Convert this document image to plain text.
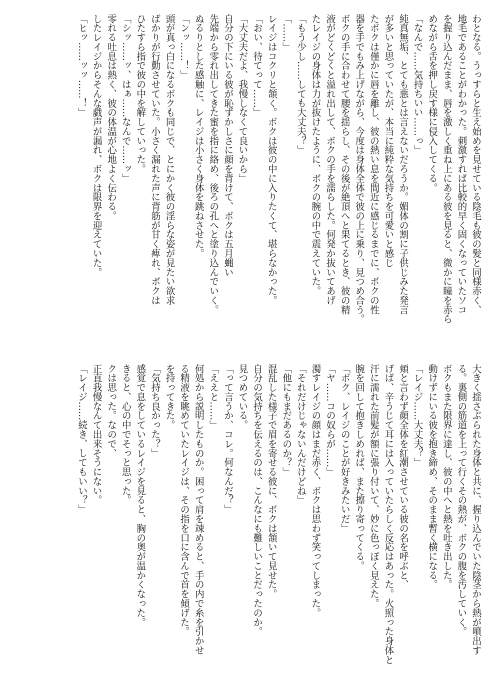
わとなる。うっすらと生え始めを見せている陰毛も彼の髪と同様赤く、
地毛であることがわかった。刺激すれば比較的早く固くなっていたソコ
を握り込んだまま、唇を激しく重ね上にある彼を見ると、微かに瞳を赤ら
めながら舌を押し戻す様に侵入してくる。
「なんで……気持ちいい……っ」
純真無垢、とても悪とは言えないだろうか。媚体の割に子供じみた発言
が多いと思っていたが、本当に純粋な気持ちを可愛いと感じ
たボクは僅かに唇を離し、彼の熱い息を間近に感じるまでに、ボクの性
器を手でもみ上げながら、今度は身体全体で彼の上に乗り、見つめ合う。
ボクの手に合わせて腰を揺らし、その後が絶頂へと果てるとき、彼の精
液がどくどくと溢れ出して、ボクの手を濡らした。何発か抜いてあげ
たレイジの身体は力が抜けたように、ボクの腕の中で震えていた。
「もう少し……しても大丈夫？」
「……」
レイジはコクリと頷く。ボクは彼の中に入りたくて、堪らなかった。
「おい、待てって……」
「大丈夫だよ、我慢しなくて良いから」
自分の下にいる彼が恥ずかしさに顔を背けて、ボクは五月蝿い
先端から零れ出してきた蜜を指に絡め、後ろの孔へと塗り込んでいく。
ぬるりとした感触に、レイジは小さく身体を跳ねさせた。
「ンッ……！」
頭が真っ白になるボクも同じで、とにかく彼の淫らな姿が見たい欲求
ばかりが行動させていた。小さく漏れた声に背筋が甘く痺れ、ボクは
ひたすら指で彼の中を解していった。
「シッ……ッ、はぁ……なんで……ッ」
零れる吐息は熱く、彼の体温が心地よく伝わる。
したレイジからそんな戯声が漏れ、ボクは限界を迎えていた。
「ヒッ……ッッ……！」
大きく揺さぶられた身体と共に、握り込んでいた陰茎から熱が噴出す
る。裏側の筋道を上って行くその熱が、ボクの腹を汚していく。
ボクもまた限界に達し、彼の中へと熱を吐き出した。
動けずにいる彼を抱き締め、そのまま暫く横になる。
「レイジ……大丈夫？」
頬と言わず顔全体を紅潮させている彼の名を呼ぶと、
げば、辛うじて耳には入っていたらしく反応はあった。火照った身体と
汗に濡れた前髪が額に張り付いて、妙に色っぽく見えた。
腕を回して抱きしめれば、また擦り寄ってくる。
「ボク、レイジのことが好きみたいだ」
「ヤ……コの奴らが……」
濁すレイジの顔はまだ赤く、ボクは思わず笑ってしまった。
「それだけじゃないんだけどね」
「他にもまだあるのか？」
混乱した様子で眉を寄せる彼に、ボクは頷いて見せた。
自分の気持ちを伝えるのは、こんなにも難しいことだったのか。
見つめている。
「って言うか、コレ。何なんだ？」
「ええと……」
何処から説明したものか。困って肩を竦めると、手の内で糸を引かせ
る精液を眺めていたレイジは、その指を口に含んで首を傾げた。
を持ってきた。
「気持ち良かった？」
感覚で息をしているレイジを見ると、胸の奥が温かくなった。
きると、心の中でそっと思った。
クは思った。なので、
正直我慢なんて出来そうにない。
「レイジ……続き、してもいい？」
